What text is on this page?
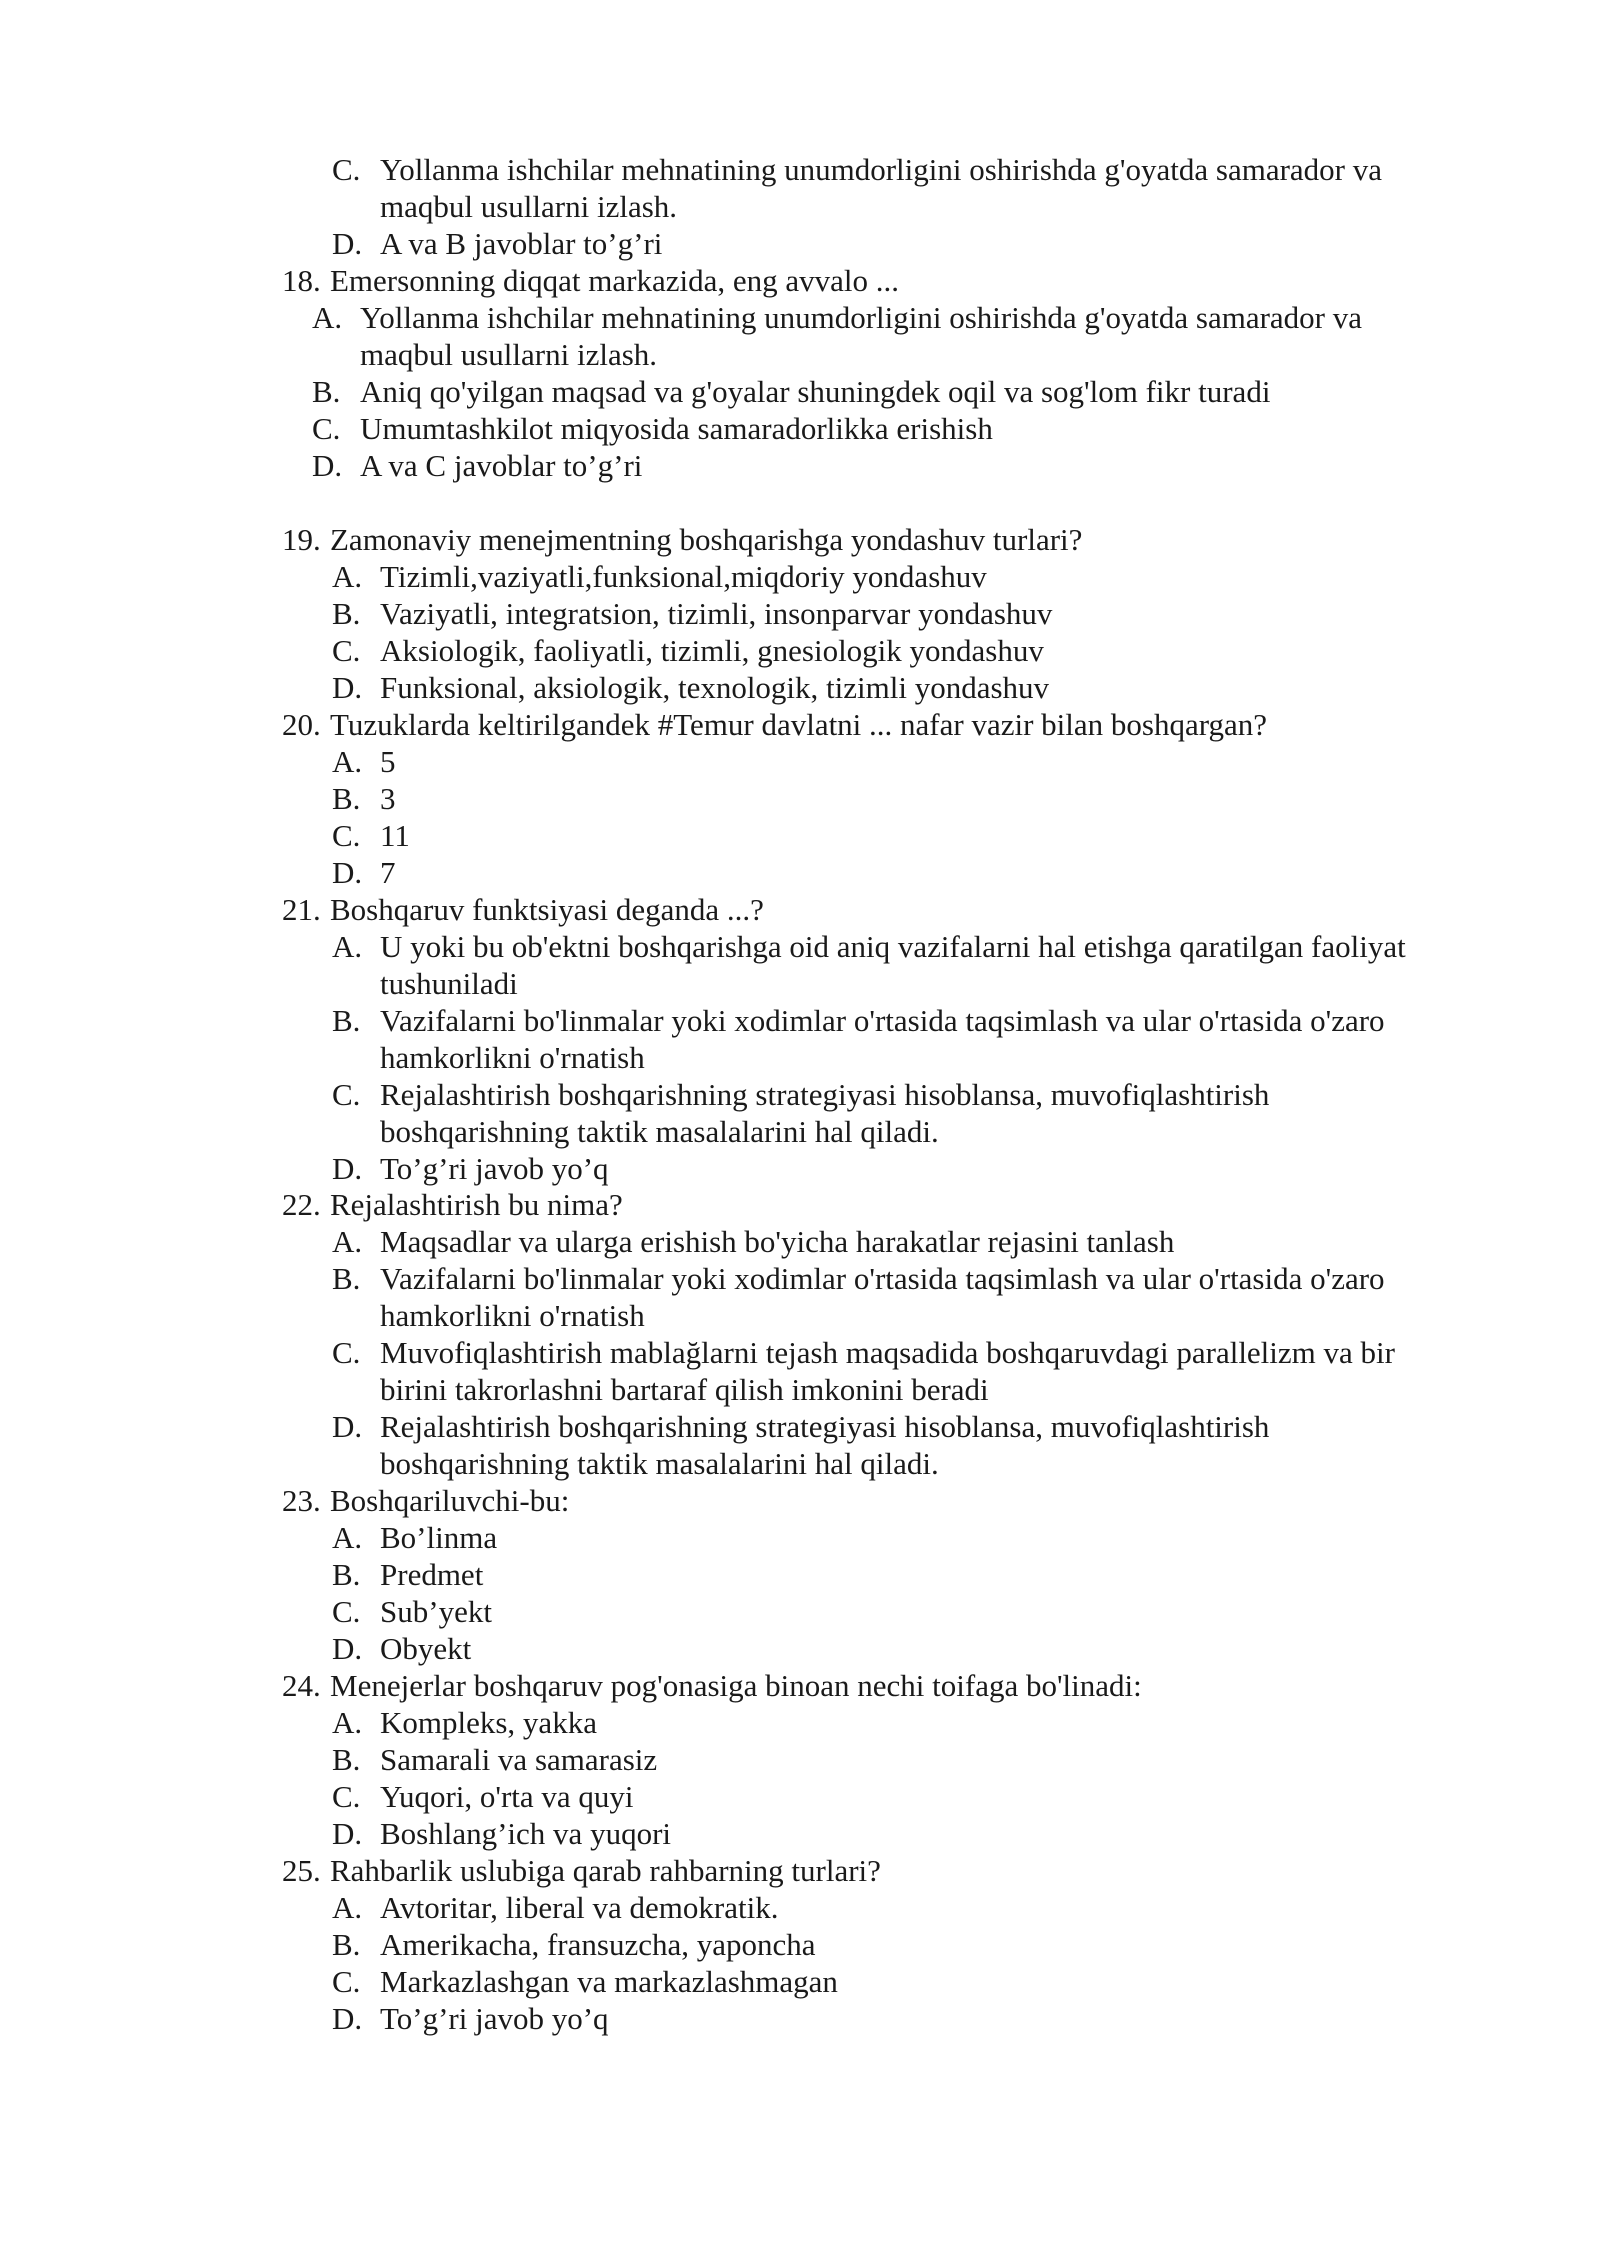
C. Yollanma ishchilar mehnatining unumdorligini oshirishda g'oyatda samarador va
maqbul usullarni izlash.
D. A va B javoblar to’g’ri
18. Emersonning diqqat markazida, eng avvalo ...
A. Yollanma ishchilar mehnatining unumdorligini oshirishda g'oyatda samarador va
maqbul usullarni izlash.
B. Aniq qo'yilgan maqsad va g'oyalar shuningdek oqil va sog'lom fikr turadi
C. Umumtashkilot miqyosida samaradorlikka erishish
D. A va C javoblar to’g’ri
19. Zamonaviy menejmentning boshqarishga yondashuv turlari?
A. Tizimli,vaziyatli,funksional,miqdoriy yondashuv
B. Vaziyatli, integratsion, tizimli, insonparvar yondashuv
C. Aksiologik, faoliyatli, tizimli, gnesiologik yondashuv
D. Funksional, aksiologik, texnologik, tizimli yondashuv
20. Tuzuklarda keltirilgandek #Temur davlatni ... nafar vazir bilan boshqargan?
A. 5
B. 3
C. 11
D. 7
21. Boshqaruv funktsiyasi deganda ...?
A. U yoki bu ob'ektni boshqarishga oid aniq vazifalarni hal etishga qaratilgan faoliyat
tushuniladi
B. Vazifalarni bo'linmalar yoki xodimlar o'rtasida taqsimlash va ular o'rtasida o'zaro
hamkorlikni o'rnatish
C. Rejalashtirish boshqarishning strategiyasi hisoblansa, muvofiqlashtirish
boshqarishning taktik masalalarini hal qiladi.
D. To’g’ri javob yo’q
22. Rejalashtirish bu nima?
A. Maqsadlar va ularga erishish bo'yicha harakatlar rejasini tanlash
B. Vazifalarni bo'linmalar yoki xodimlar o'rtasida taqsimlash va ular o'rtasida o'zaro
hamkorlikni o'rnatish
C. Muvofiqlashtirish mablağlarni tejash maqsadida boshqaruvdagi parallelizm va bir
birini takrorlashni bartaraf qilish imkonini beradi
D. Rejalashtirish boshqarishning strategiyasi hisoblansa, muvofiqlashtirish
boshqarishning taktik masalalarini hal qiladi.
23. Boshqariluvchi-bu:
A. Bo’linma
B. Predmet
C. Sub’yekt
D. Obyekt
24. Menejerlar boshqaruv pog'onasiga binoan nechi toifaga bo'linadi:
A. Kompleks, yakka
B. Samarali va samarasiz
C. Yuqori, o'rta va quyi
D. Boshlang’ich va yuqori
25. Rahbarlik uslubiga qarab rahbarning turlari?
A. Avtoritar, liberal va demokratik.
B. Amerikacha, fransuzcha, yaponcha
C. Markazlashgan va markazlashmagan
D. To’g’ri javob yo’q
